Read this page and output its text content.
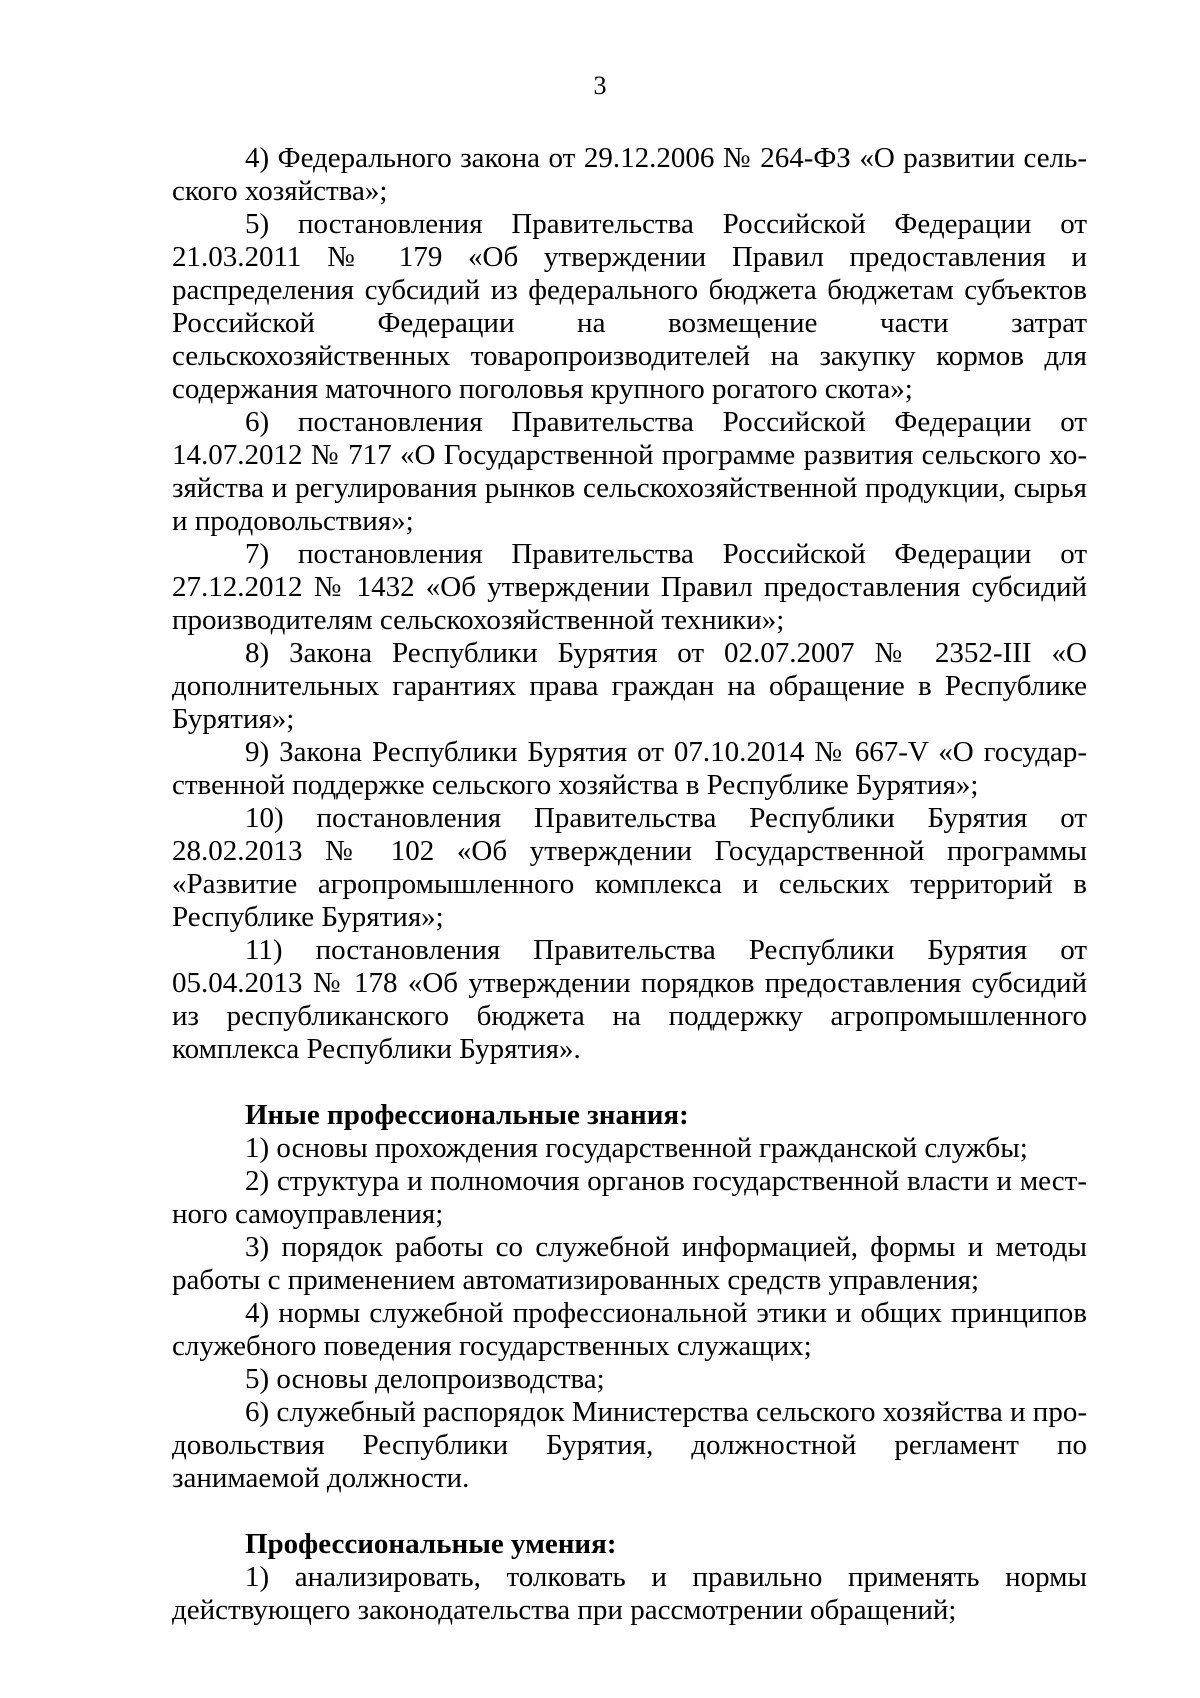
3

4) Федерального закона от 29.12.2006 № 264-ФЗ «О развитии сельского хозяйства»;

5) постановления Правительства Российской Федерации от 21.03.2011 № 179 «Об утверждении Правил предоставления и распределения субсидий из федерального бюджета бюджетам субъектов Российской Федерации на возмещение части затрат сельскохозяйственных товаропроизводителей на закупку кормов для содержания маточного поголовья крупного рогатого скота»;

6) постановления Правительства Российской Федерации от 14.07.2012 № 717 «О Государственной программе развития сельского хозяйства и регулирования рынков сельскохозяйственной продукции, сырья и продовольствия»;

7) постановления Правительства Российской Федерации от 27.12.2012 № 1432 «Об утверждении Правил предоставления субсидий производителям сельскохозяйственной техники»;

8) Закона Республики Бурятия от 02.07.2007 № 2352-III «О дополнительных гарантиях права граждан на обращение в Республике Бурятия»;

9) Закона Республики Бурятия от 07.10.2014 № 667-V «О государственной поддержке сельского хозяйства в Республике Бурятия»;

10) постановления Правительства Республики Бурятия от 28.02.2013 № 102 «Об утверждении Государственной программы «Развитие агропромышленного комплекса и сельских территорий в Республике Бурятия»;

11) постановления Правительства Республики Бурятия от 05.04.2013 № 178 «Об утверждении порядков предоставления субсидий из республиканского бюджета на поддержку агропромышленного комплекса Республики Бурятия».

Иные профессиональные знания:

1) основы прохождения государственной гражданской службы;

2) структура и полномочия органов государственной власти и местного самоуправления;

3) порядок работы со служебной информацией, формы и методы работы с применением автоматизированных средств управления;

4) нормы служебной профессиональной этики и общих принципов служебного поведения государственных служащих;

5) основы делопроизводства;

6) служебный распорядок Министерства сельского хозяйства и продовольствия Республики Бурятия, должностной регламент по занимаемой должности.

Профессиональные умения:

1) анализировать, толковать и правильно применять нормы действующего законодательства при рассмотрении обращений;
